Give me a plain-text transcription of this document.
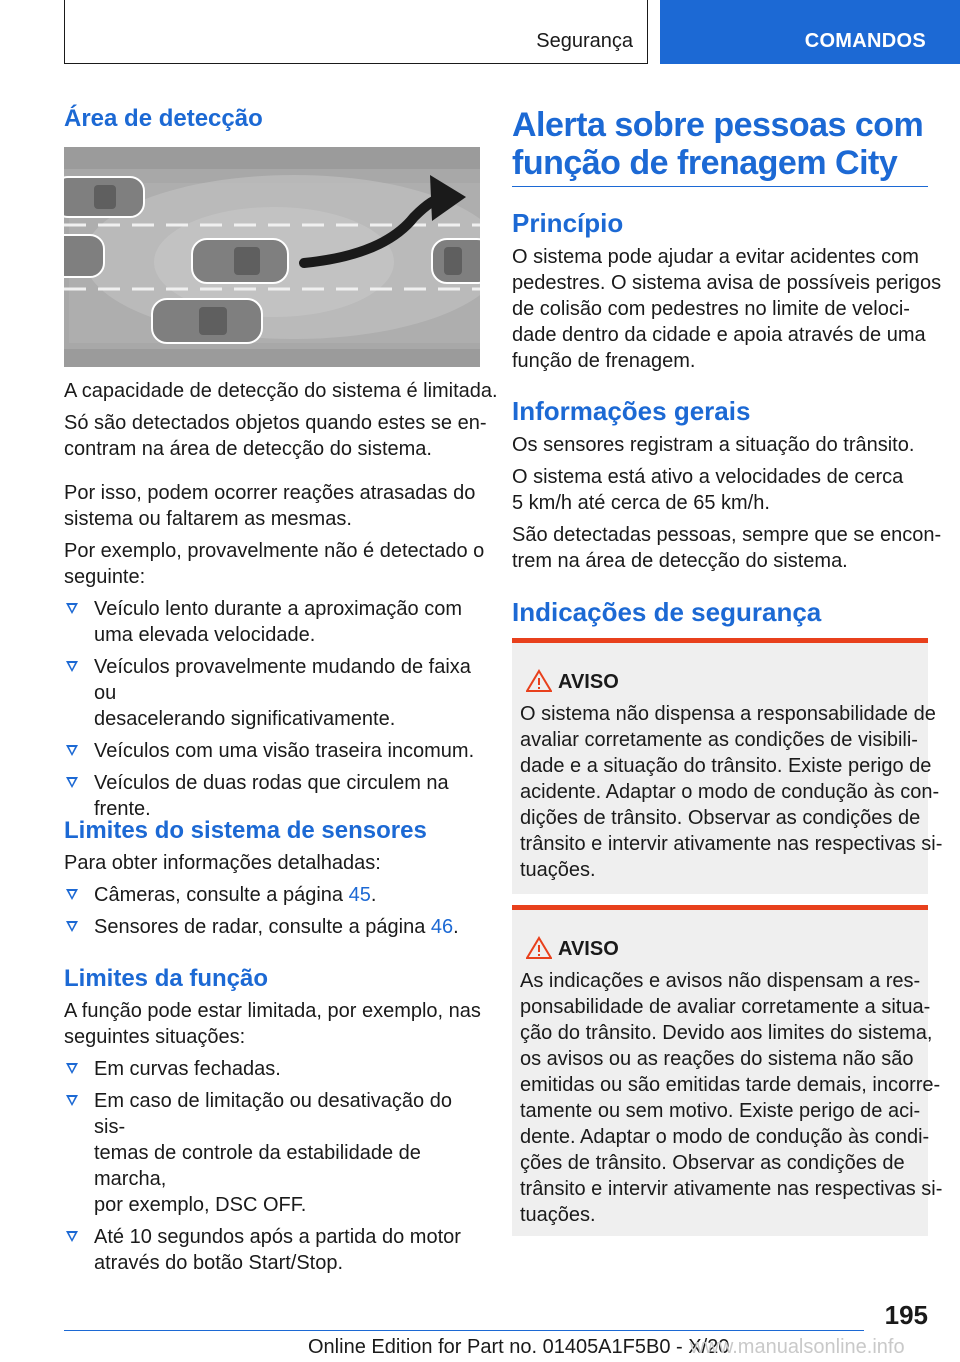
Segurança	COMANDOS
Área de detecção

A capacidade de detecção do sistema é limitada.

Só são detectados objetos quando estes se en-

contram na área de detecção do sistema.

Por isso, podem ocorrer reações atrasadas do

sistema ou faltarem as mesmas.

Por exemplo, provavelmente não é detectado o

seguinte:

Veículo lento durante a aproximação com
uma elevada velocidade.
Veículos provavelmente mudando de faixa ou
desacelerando significativamente.
Veículos com uma visão traseira incomum.
Veículos de duas rodas que circulem na
frente.
Limites do sistema de sensores

Para obter informações detalhadas:

Câmeras, consulte a página 45.
Sensores de radar, consulte a página 46.
Limites da função

A função pode estar limitada, por exemplo, nas

seguintes situações:

Em curvas fechadas.
Em caso de limitação ou desativação do sis-
temas de controle da estabilidade de marcha,
por exemplo, DSC OFF.
Até 10 segundos após a partida do motor
através do botão Start/Stop.
Alerta sobre pessoas com
função de frenagem City
Princípio

O sistema pode ajudar a evitar acidentes com

pedestres. O sistema avisa de possíveis perigos

de colisão com pedestres no limite de veloci-

dade dentro da cidade e apoia através de uma

função de frenagem.

Informações gerais

Os sensores registram a situação do trânsito.

O sistema está ativo a velocidades de cerca

5 km/h até cerca de 65 km/h.

São detectadas pessoas, sempre que se encon-

trem na área de detecção do sistema.

Indicações de segurança
AVISO

O sistema não dispensa a responsabilidade de

avaliar corretamente as condições de visibili-

dade e a situação do trânsito. Existe perigo de

acidente. Adaptar o modo de condução às con-

dições de trânsito. Observar as condições de

trânsito e intervir ativamente nas respectivas si-

tuações.

AVISO

As indicações e avisos não dispensam a res-

ponsabilidade de avaliar corretamente a situa-

ção do trânsito. Devido aos limites do sistema,

os avisos ou as reações do sistema não são

emitidas ou são emitidas tarde demais, incorre-

tamente ou sem motivo. Existe perigo de aci-

dente. Adaptar o modo de condução às condi-

ções de trânsito. Observar as condições de

trânsito e intervir ativamente nas respectivas si-

tuações.

195
Online Edition for Part no. 01405A1F5B0 - X/20
www.manualsonline.info
